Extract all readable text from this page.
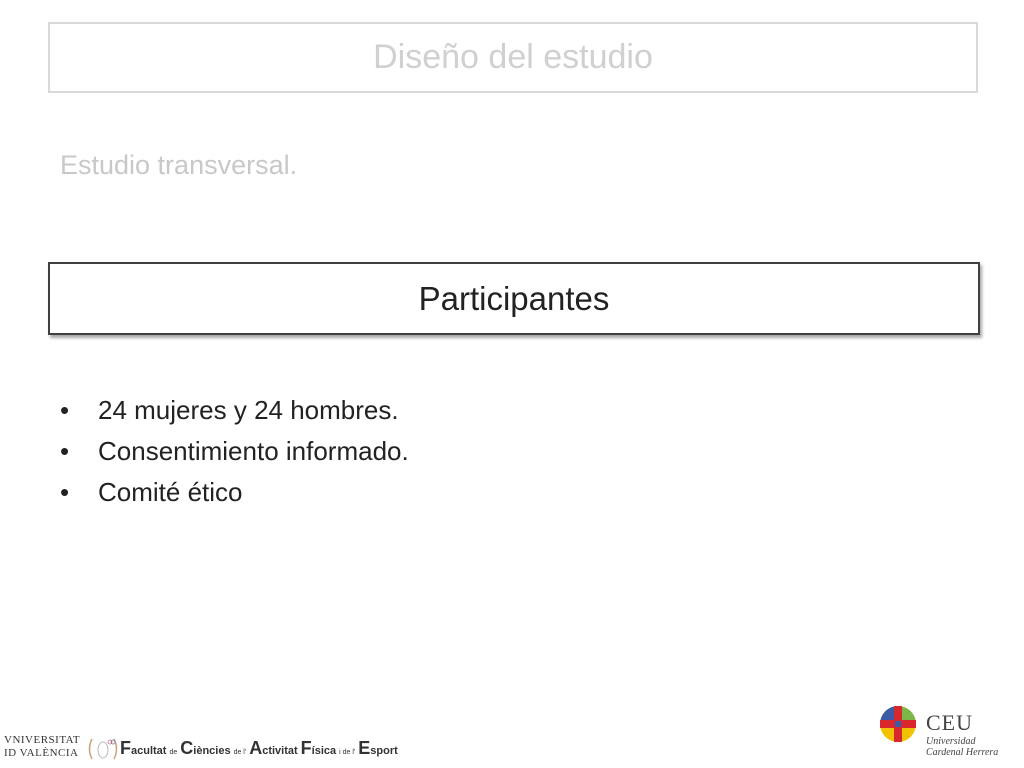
Diseño del estudio
Estudio transversal.
Participantes
•	24 mujeres y 24 hombres.
•	Consentimiento informado.
•	Comité ético
VNIVERSITAT
ID VALÈNCIA	Facultat de Ciències de l' Activitat Física i de l' Esport
CEU
Universidad
Cardenal Herrera
